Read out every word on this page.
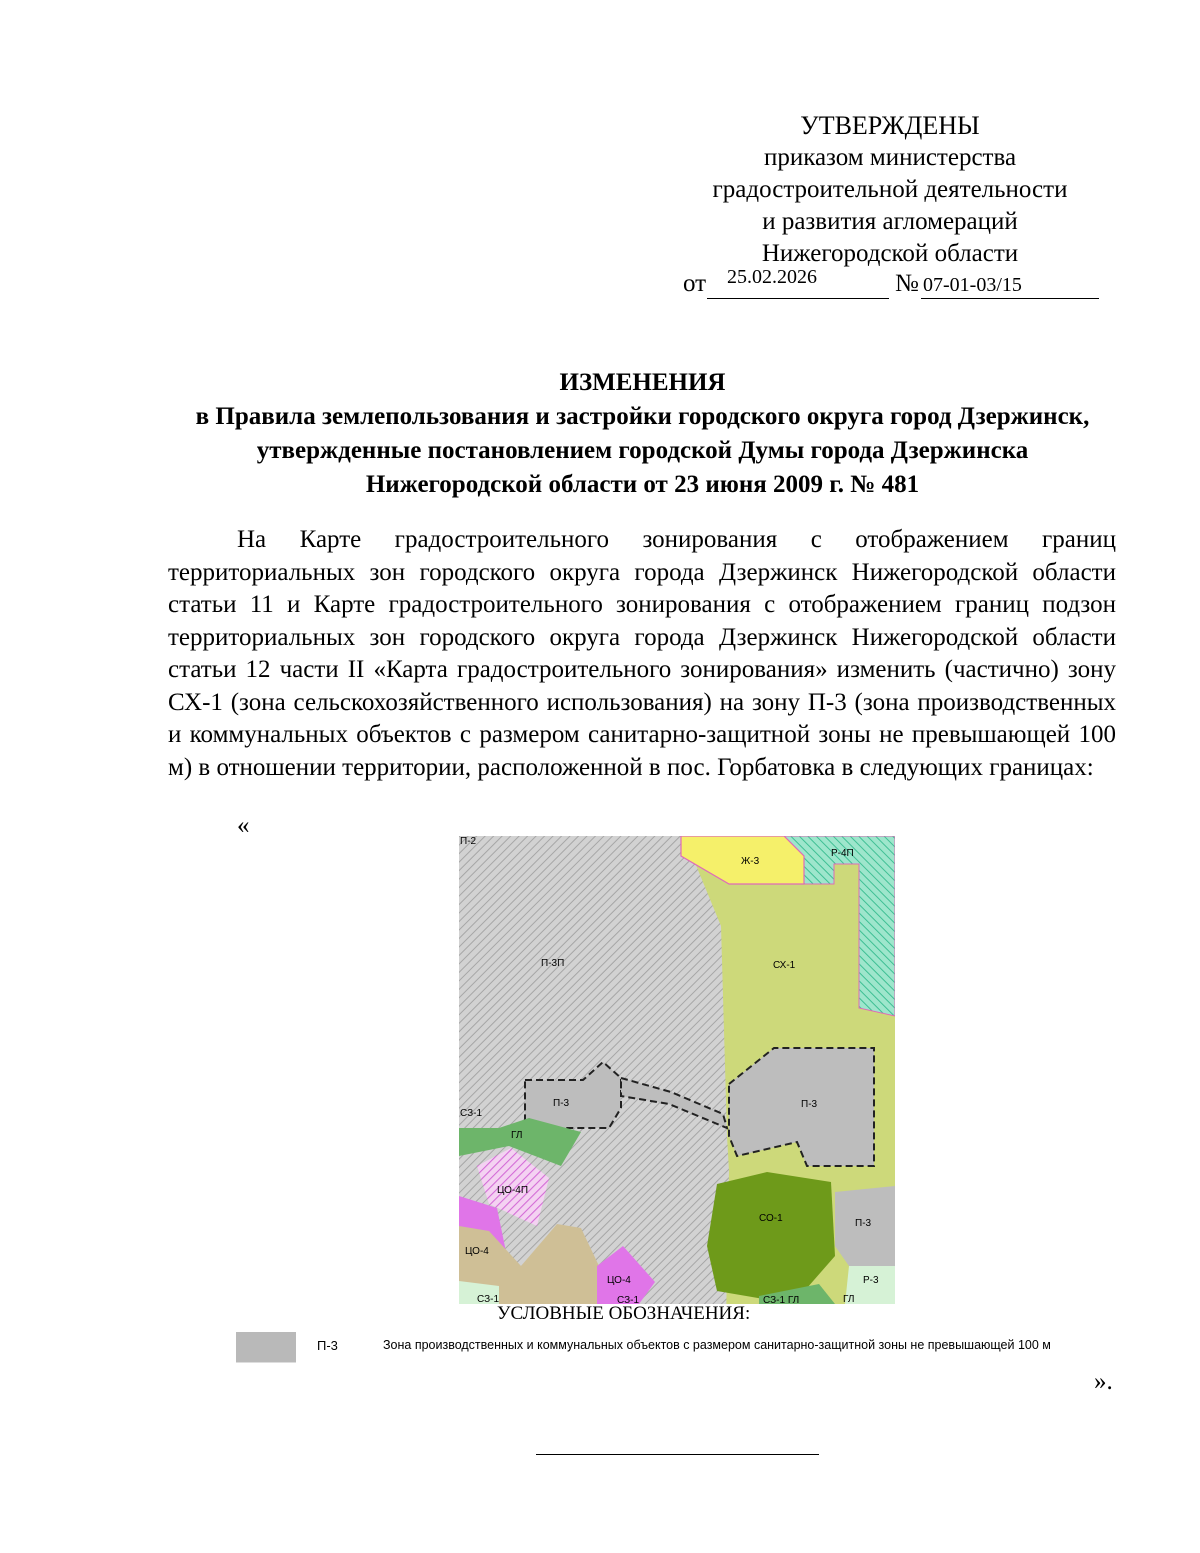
УТВЕРЖДЕНЫ
приказом министерства
градостроительной деятельности
и развития агломераций
Нижегородской области
от 25.02.2026	№ 07-01-03/15
ИЗМЕНЕНИЯ
в Правила землепользования и застройки городского округа город Дзержинск, утвержденные постановлением городской Думы города Дзержинска Нижегородской области от 23 июня 2009 г. № 481

На Карте градостроительного зонирования с отображением границ территориальных зон городского округа города Дзержинск Нижегородской области статьи 11 и Карте градостроительного зонирования с отображением границ подзон территориальных зон городского округа города Дзержинск Нижегородской области статьи 12 части II «Карта градостроительного зонирования» изменить (частично) зону СХ-1 (зона сельскохозяйственного использования) на зону П-3 (зона производственных и коммунальных объектов с размером санитарно-защитной зоны не превышающей 100 м) в отношении территории, расположенной в пос. Горбатовка в следующих границах:

«
П-2
Ж-3
Р-4П
П-3П	СХ-1
П-3	П-3
СЗ-1
ГЛ
ЦО-4П
СО-1	П-3
ЦО-4
ЦО-4	Р-3
СЗ-1	СЗ-1	СЗ-1 ГЛ	ГЛ
УСЛОВНЫЕ ОБОЗНАЧЕНИЯ:
П-3	Зона производственных и коммунальных объектов с размером санитарно-защитной зоны не превышающей 100 м
».
